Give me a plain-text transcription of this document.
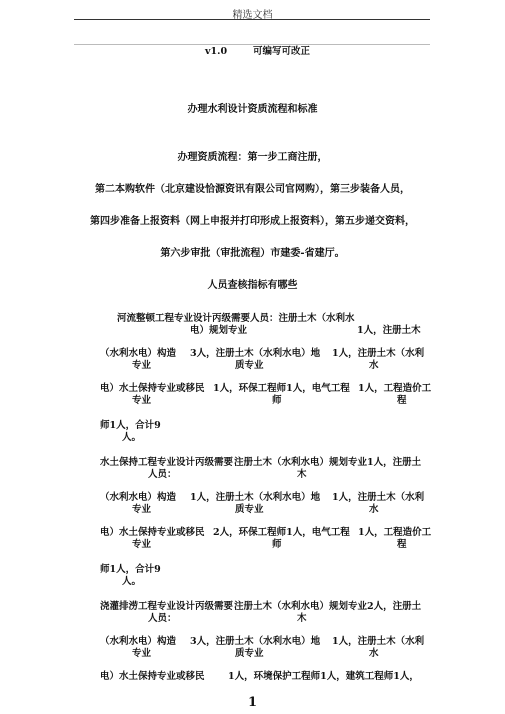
精选文档
v1.0	可编写可改正
办理水利设计资质流程和标准
办理资质流程：第一步工商注册，
第二本购软件（北京建设恰源资讯有限公司官网购），第三步装备人员，
第四步准备上报资料（网上申报并打印形成上报资料），第五步递交资料，
第六步审批（审批流程）市建委-省建厅。
人员查核指标有哪些
河流整顿工程专业设计丙级需要人员：注册土木（水利水
电）规划专业	1人，注册土木
（水利水电）构造
专业
3人，注册土木（水利水电）地
质专业
1人，注册土木（水利
水
电）水土保持专业或移民
专业
1人，环保工程师1人，电气工程
师
1人，工程造价工
程
师1人，合计9
人。
水土保持工程专业设计丙级需要
人员：
注册土木（水利水电）规划专业1人，注册土
木
（水利水电）构造
专业
1人，注册土木（水利水电）地
质专业
1人，注册土木（水利
水
电）水土保持专业或移民
专业
2人，环保工程师1人，电气工程
师
1人，工程造价工
程
师1人，合计9
人。
浇灌排涝工程专业设计丙级需要
人员：
注册土木（水利水电）规划专业2人，注册土
木
（水利水电）构造
专业
3人，注册土木（水利水电）地
质专业
1人，注册土木（水利
水
电）水土保持专业或移民 1人，环境保护工程师1人，建筑工程师1人，
1
